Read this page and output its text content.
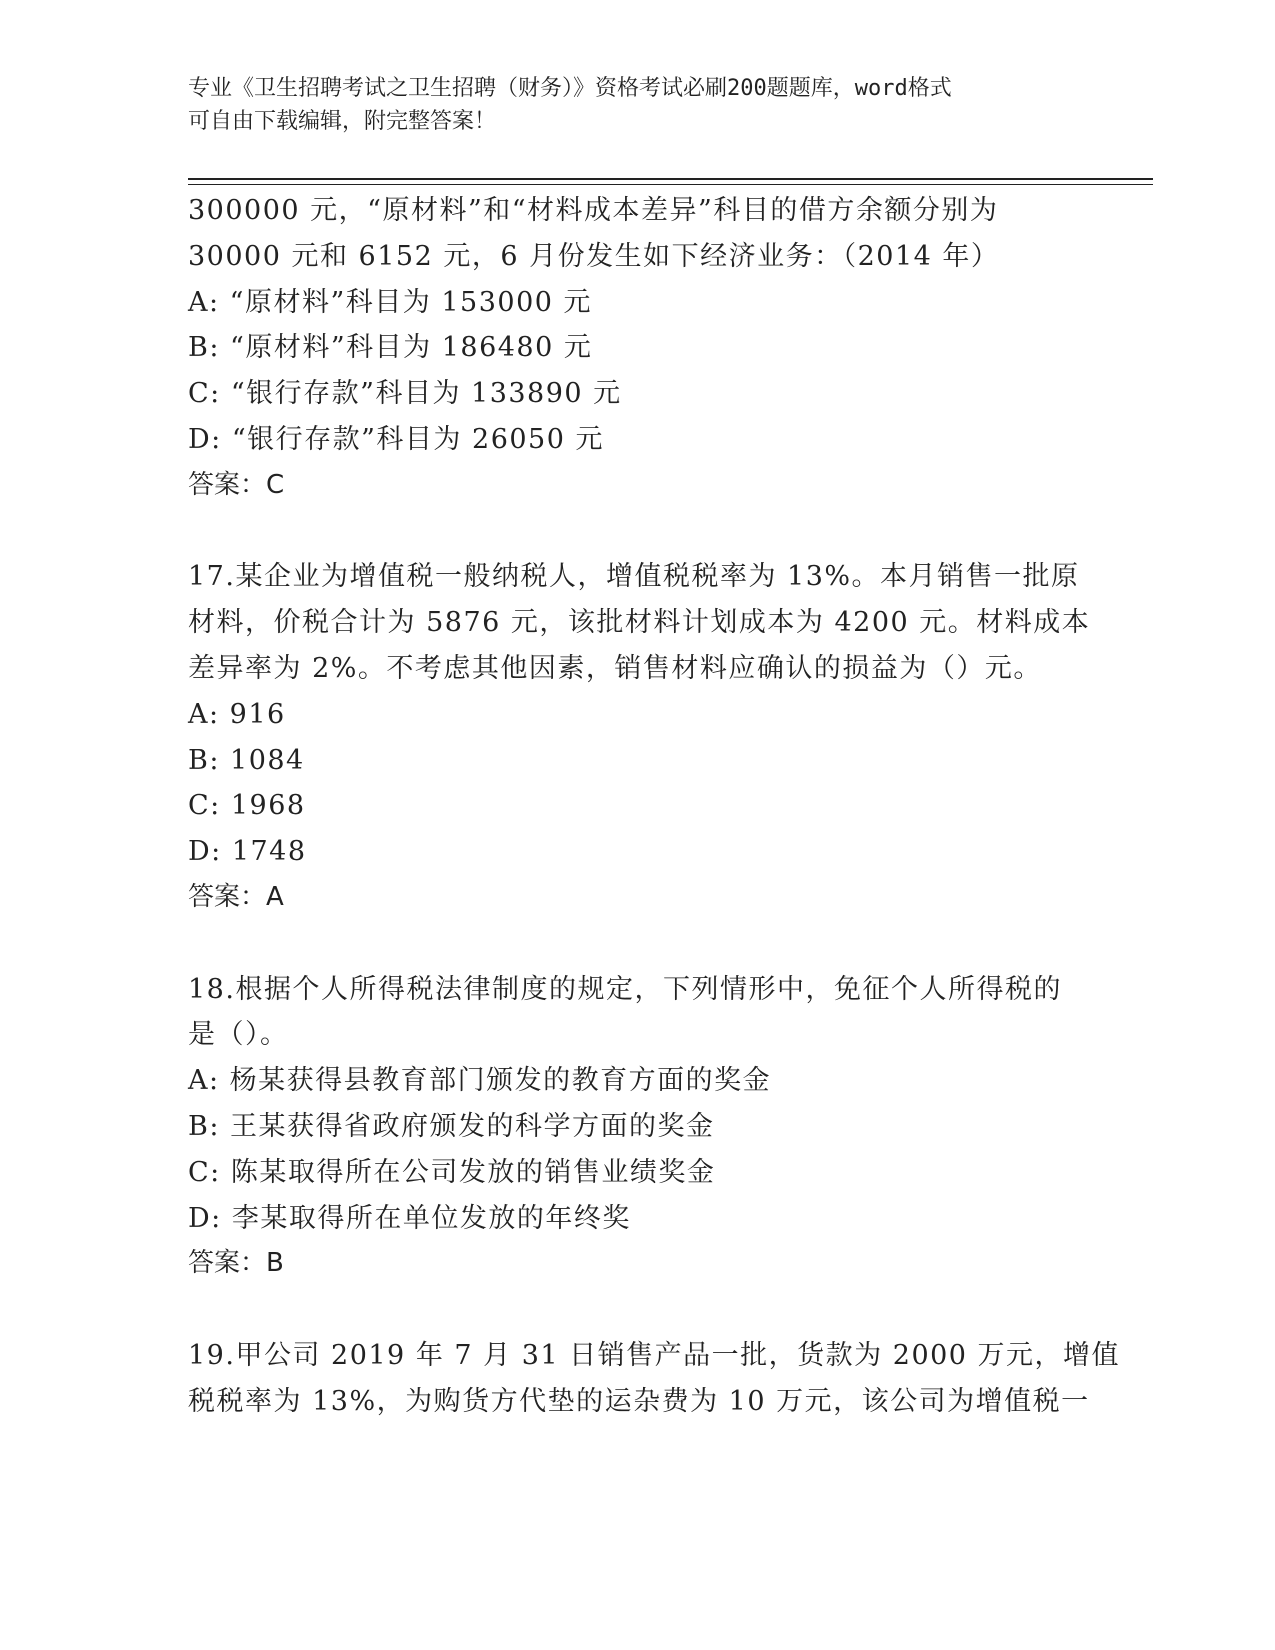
专业《卫生招聘考试之卫生招聘（财务）》资格考试必刷200题题库，word格式
可自由下载编辑，附完整答案！
300000 元，“原材料”和“材料成本差异”科目的借方余额分别为
30000 元和 6152 元，6 月份发生如下经济业务：（2014 年）
A: “原材料”科目为 153000 元
B: “原材料”科目为 186480 元
C: “银行存款”科目为 133890 元
D: “银行存款”科目为 26050 元
答案：C
17.某企业为增值税一般纳税人，增值税税率为 13%。本月销售一批原
材料，价税合计为 5876 元，该批材料计划成本为 4200 元。材料成本
差异率为 2%。不考虑其他因素，销售材料应确认的损益为（）元。
A: 916
B: 1084
C: 1968
D: 1748
答案：A
18.根据个人所得税法律制度的规定，下列情形中，免征个人所得税的
是（）。
A: 杨某获得县教育部门颁发的教育方面的奖金
B: 王某获得省政府颁发的科学方面的奖金
C: 陈某取得所在公司发放的销售业绩奖金
D: 李某取得所在单位发放的年终奖
答案：B
19.甲公司 2019 年 7 月 31 日销售产品一批，货款为 2000 万元，增值
税税率为 13%，为购货方代垫的运杂费为 10 万元，该公司为增值税一
